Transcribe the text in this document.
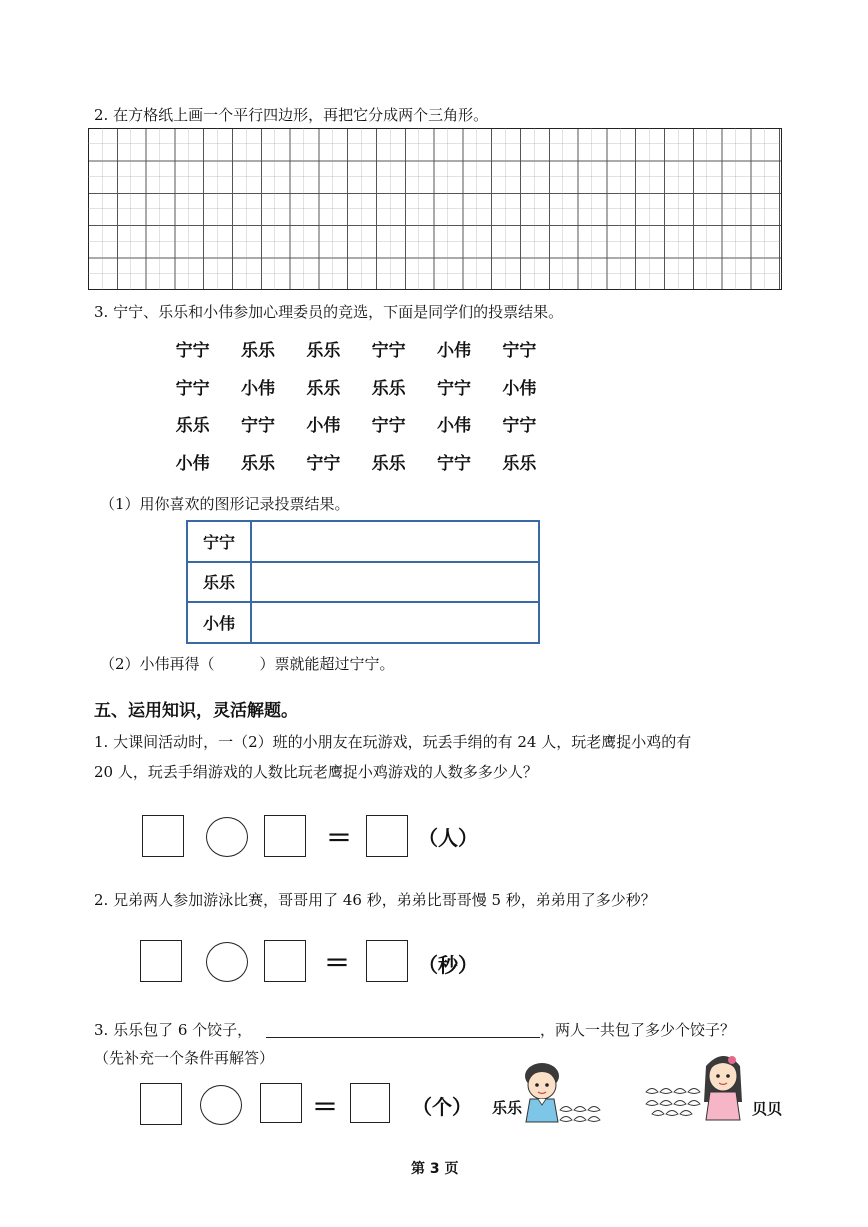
2. 在方格纸上画一个平行四边形，再把它分成两个三角形。
3. 宁宁、乐乐和小伟参加心理委员的竞选，下面是同学们的投票结果。
宁宁 乐乐 乐乐 宁宁 小伟 宁宁
宁宁 小伟 乐乐 乐乐 宁宁 小伟
乐乐 宁宁 小伟 宁宁 小伟 宁宁
小伟 乐乐 宁宁 乐乐 宁宁 乐乐
（1）用你喜欢的图形记录投票结果。
宁宁	
乐乐	
小伟	
（2）小伟再得（　　　）票就能超过宁宁。
五、运用知识，灵活解题。
1. 大课间活动时，一（2）班的小朋友在玩游戏，玩丢手绢的有 24 人，玩老鹰捉小鸡的有
20 人，玩丢手绢游戏的人数比玩老鹰捉小鸡游戏的人数多多少人？
＝	（人）
2. 兄弟两人参加游泳比赛，哥哥用了 46 秒，弟弟比哥哥慢 5 秒，弟弟用了多少秒？
＝	（秒）
3. 乐乐包了 6 个饺子，	，两人一共包了多少个饺子？
（先补充一个条件再解答）
＝	（个） 乐乐	贝贝
第 3 页
